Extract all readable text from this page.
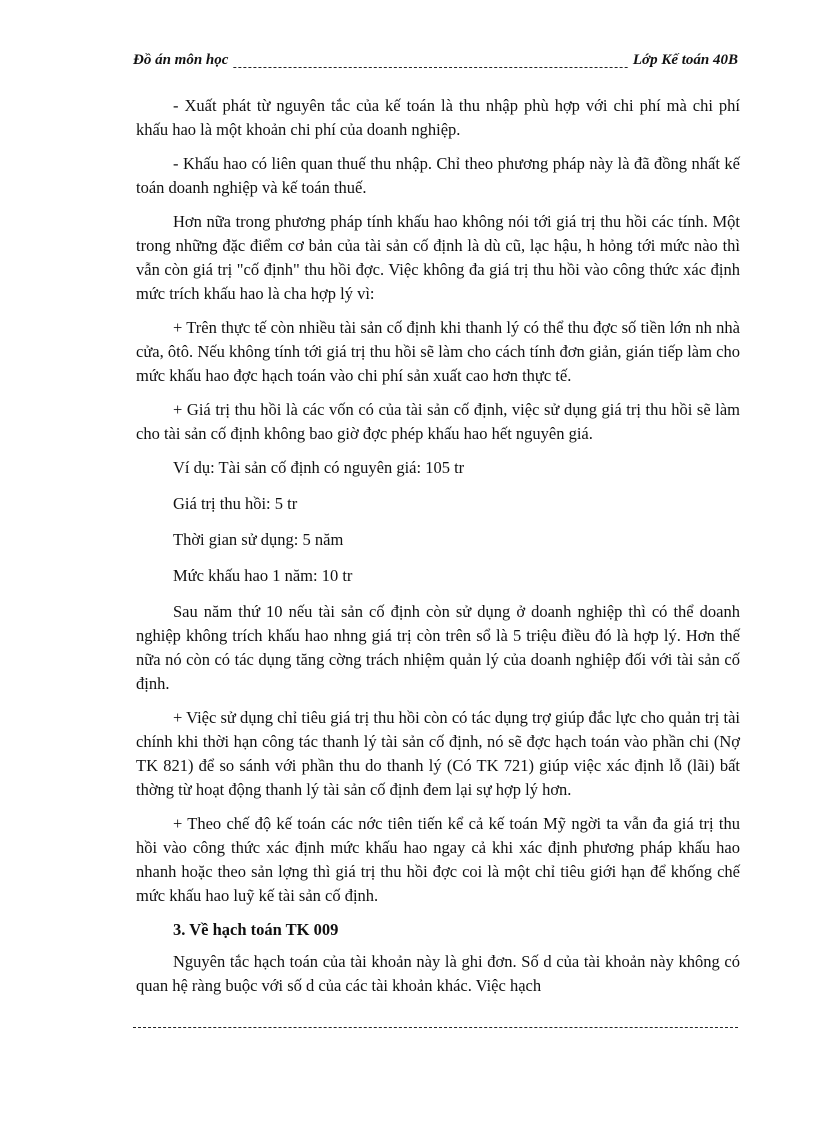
Đồ án môn học	Lớp Kế toán 40B

- Xuất phát từ nguyên tắc của kế toán là thu nhập phù hợp với chi phí mà chi phí khấu hao là một khoản chi phí của doanh nghiệp.

- Khấu hao có liên quan thuế thu nhập. Chỉ theo phương pháp này là đã đồng nhất kế toán doanh nghiệp và kế toán thuế.

Hơn nữa trong phương pháp tính khấu hao không nói tới giá trị thu hồi các tính. Một trong những đặc điểm cơ bản của tài sản cố định là dù cũ, lạc hậu, h hỏng tới mức nào thì vẫn còn giá trị "cố định" thu hồi đợc. Việc không đa giá trị thu hồi vào công thức xác định mức trích khấu hao là cha hợp lý vì:

+ Trên thực tế còn nhiều tài sản cố định khi thanh lý có thể thu đợc số tiền lớn nh nhà cửa, ôtô. Nếu không tính tới giá trị thu hồi sẽ làm cho cách tính đơn giản, gián tiếp làm cho mức khấu hao đợc hạch toán vào chi phí sản xuất cao hơn thực tế.

+ Giá trị thu hồi là các vốn có của tài sản cố định, việc sử dụng giá trị thu hồi sẽ làm cho tài sản cố định không bao giờ đợc phép khấu hao hết nguyên giá.

Ví dụ: Tài sản cố định có nguyên giá: 105 tr

Giá trị thu hồi: 5 tr

Thời gian sử dụng: 5 năm

Mức khấu hao 1 năm: 10 tr

Sau năm thứ 10 nếu tài sản cố định còn sử dụng ở doanh nghiệp thì có thể doanh nghiệp không trích khấu hao nhng giá trị còn trên sổ là 5 triệu điều đó là hợp lý. Hơn thế nữa nó còn có tác dụng tăng cờng trách nhiệm quản lý của doanh nghiệp đối với tài sản cố định.

+ Việc sử dụng chỉ tiêu giá trị thu hồi còn có tác dụng trợ giúp đắc lực cho quản trị tài chính khi thời hạn công tác thanh lý tài sản cố định, nó sẽ đợc hạch toán vào phần chi (Nợ TK 821) để so sánh với phần thu do thanh lý (Có TK 721) giúp việc xác định lỗ (lãi) bất thờng từ hoạt động thanh lý tài sản cố định đem lại sự hợp lý hơn.

+ Theo chế độ kế toán các nớc tiên tiến kể cả kế toán Mỹ ngời ta vẫn đa giá trị thu hồi vào công thức xác định mức khấu hao ngay cả khi xác định phương pháp khấu hao nhanh hoặc theo sản lợng thì giá trị thu hồi đợc coi là một chỉ tiêu giới hạn để khống chế mức khấu hao luỹ kế tài sản cố định.

3. Về hạch toán TK 009

Nguyên tắc hạch toán của tài khoản này là ghi đơn. Số d của tài khoản này không có quan hệ ràng buộc với số d của các tài khoản khác. Việc hạch
